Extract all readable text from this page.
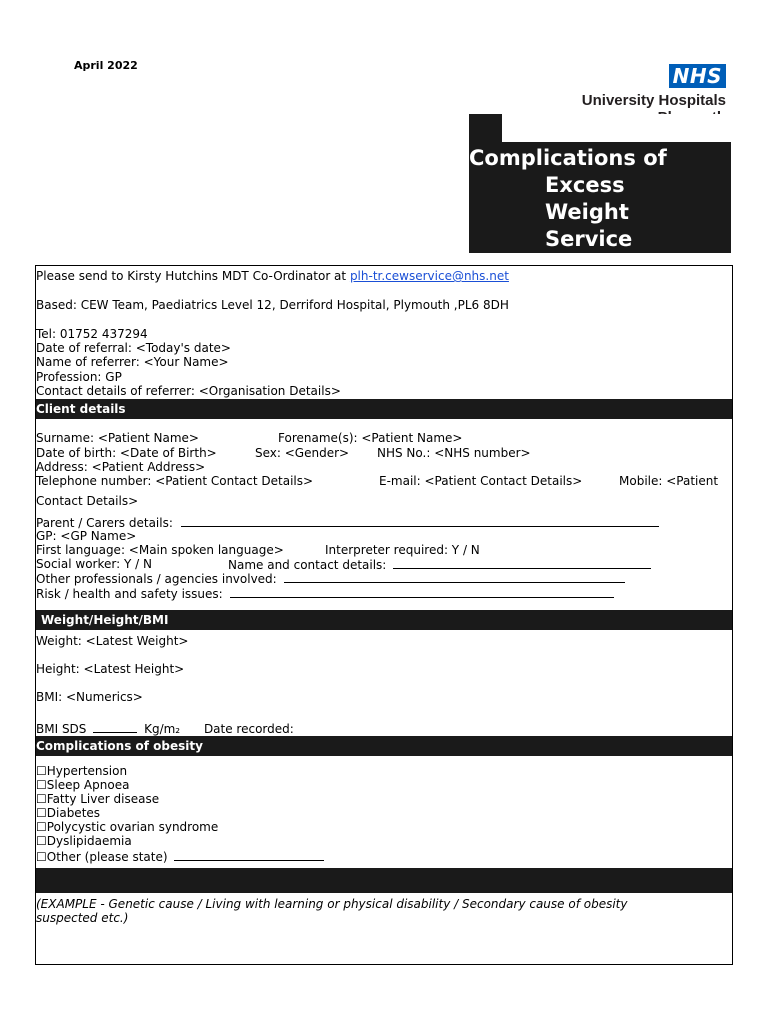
April 2022	NHS
University Hospitals
Complications of
Excess
Weight
Service
Please send to Kirsty Hutchins MDT Co-Ordinator at plh-tr.cewservice@nhs.net
Based: CEW Team, Paediatrics Level 12, Derriford Hospital, Plymouth ,PL6 8DH
Tel: 01752 437294
Date of referral: <Today's date>
Name of referrer: <Your Name>
Profession: GP
Contact details of referrer: <Organisation Details>
Client details
Surname: <Patient Name>	Forename(s): <Patient Name>
Date of birth: <Date of Birth>	Sex: <Gender> NHS No.: <NHS number>
Address: <Patient Address>
Telephone number: <Patient Contact Details>	E-mail: <Patient Contact Details>	Mobile: <Patient
Contact Details>
Parent / Carers details:
GP: <GP Name>
First language: <Main spoken language>	Interpreter required: Y / N
Social worker: Y / N	Name and contact details:
Other professionals / agencies involved:
Risk / health and safety issues:
Weight/Height/BMI
Weight: <Latest Weight>
Height: <Latest Height>
BMI: <Numerics>
BMI SDS	Kg/m₂ Date recorded:
Complications of obesity
☐Hypertension
☐Sleep Apnoea
☐Fatty Liver disease
☐Diabetes
☐Polycystic ovarian syndrome
☐Dyslipidaemia
☐Other (please state)
(EXAMPLE - Genetic cause / Living with learning or physical disability / Secondary cause of obesity
suspected etc.)
